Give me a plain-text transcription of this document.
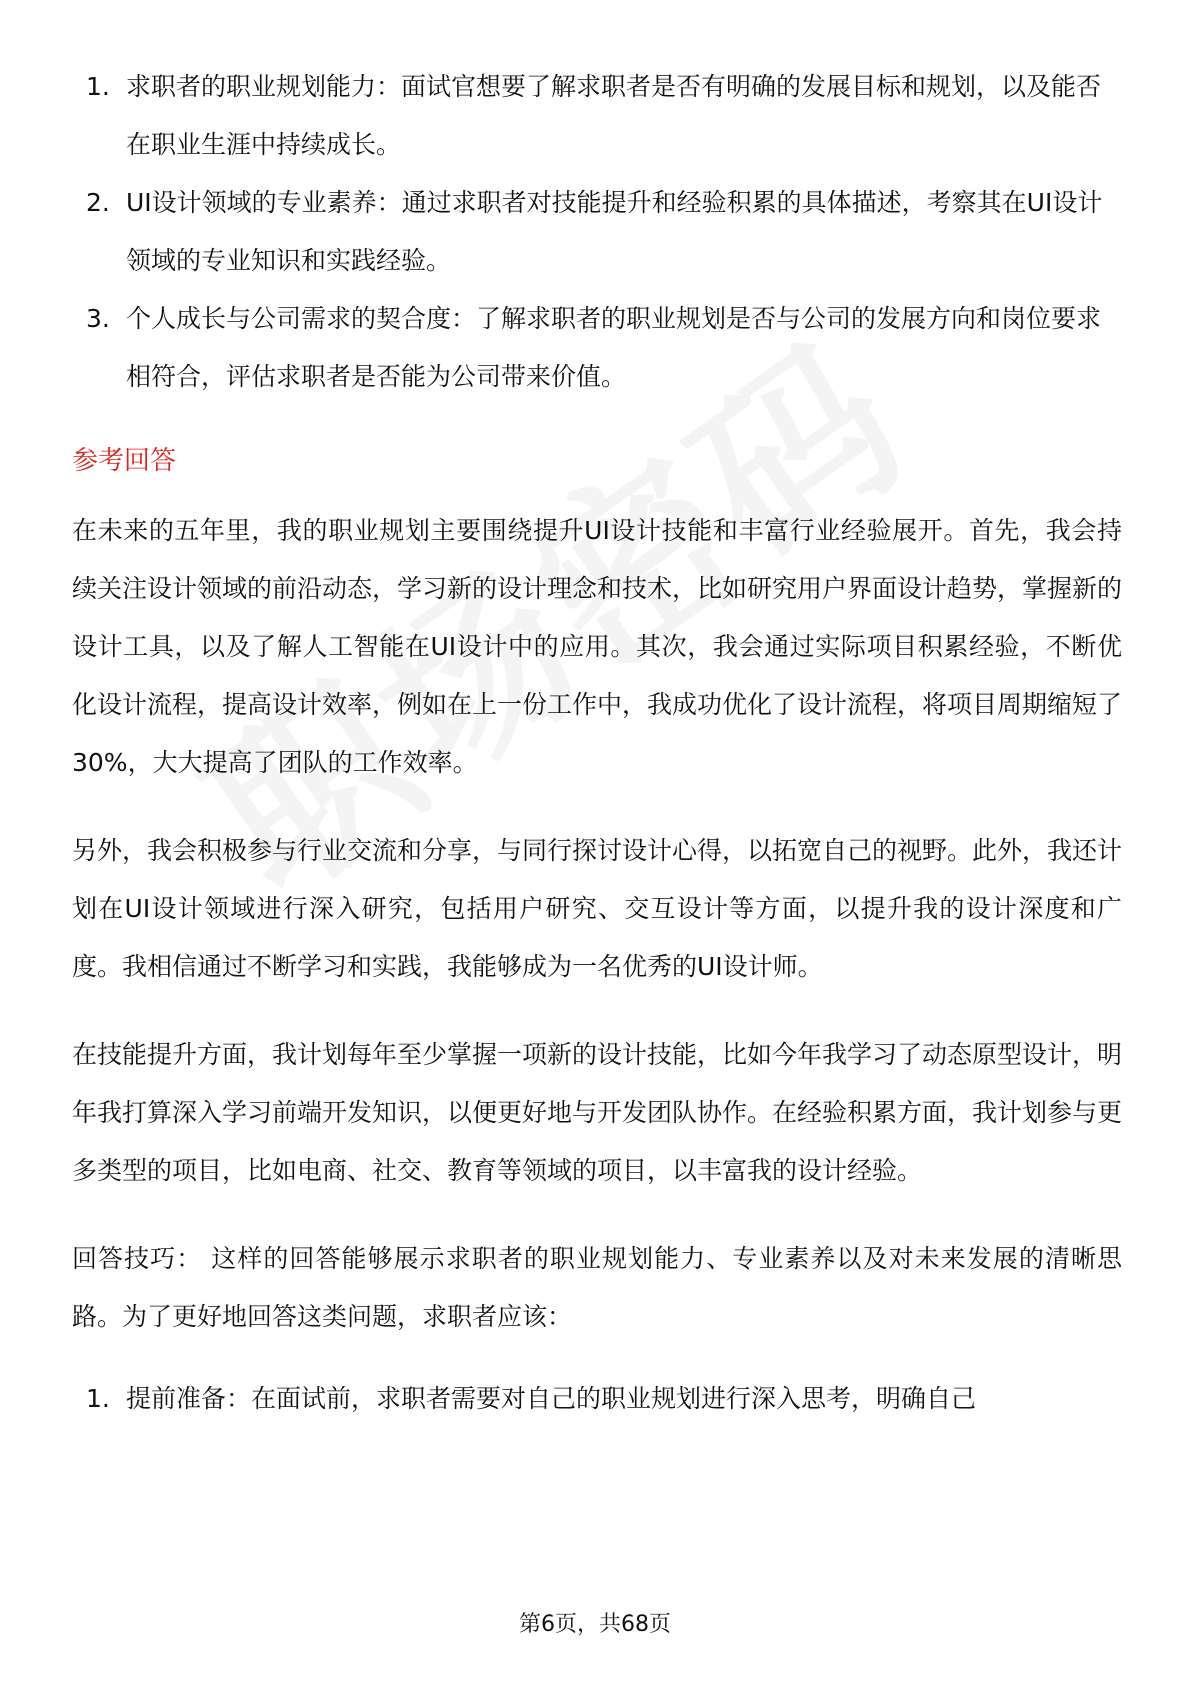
1. 求职者的职业规划能力：面试官想要了解求职者是否有明确的发展目标和规划，以及能否在职业生涯中持续成长。
2. UI设计领域的专业素养：通过求职者对技能提升和经验积累的具体描述，考察其在UI设计领域的专业知识和实践经验。
3. 个人成长与公司需求的契合度：了解求职者的职业规划是否与公司的发展方向和岗位要求相符合，评估求职者是否能为公司带来价值。
参考回答

在未来的五年里，我的职业规划主要围绕提升UI设计技能和丰富行业经验展开。首先，我会持续关注设计领域的前沿动态，学习新的设计理念和技术，比如研究用户界面设计趋势，掌握新的设计工具，以及了解人工智能在UI设计中的应用。其次，我会通过实际项目积累经验，不断优化设计流程，提高设计效率，例如在上一份工作中，我成功优化了设计流程，将项目周期缩短了30%，大大提高了团队的工作效率。

另外，我会积极参与行业交流和分享，与同行探讨设计心得，以拓宽自己的视野。此外，我还计划在UI设计领域进行深入研究，包括用户研究、交互设计等方面，以提升我的设计深度和广度。我相信通过不断学习和实践，我能够成为一名优秀的UI设计师。

在技能提升方面，我计划每年至少掌握一项新的设计技能，比如今年我学习了动态原型设计，明年我打算深入学习前端开发知识，以便更好地与开发团队协作。在经验积累方面，我计划参与更多类型的项目，比如电商、社交、教育等领域的项目，以丰富我的设计经验。

回答技巧： 这样的回答能够展示求职者的职业规划能力、专业素养以及对未来发展的清晰思路。为了更好地回答这类问题，求职者应该：

1. 提前准备：在面试前，求职者需要对自己的职业规划进行深入思考，明确自己
第6页，共68页
